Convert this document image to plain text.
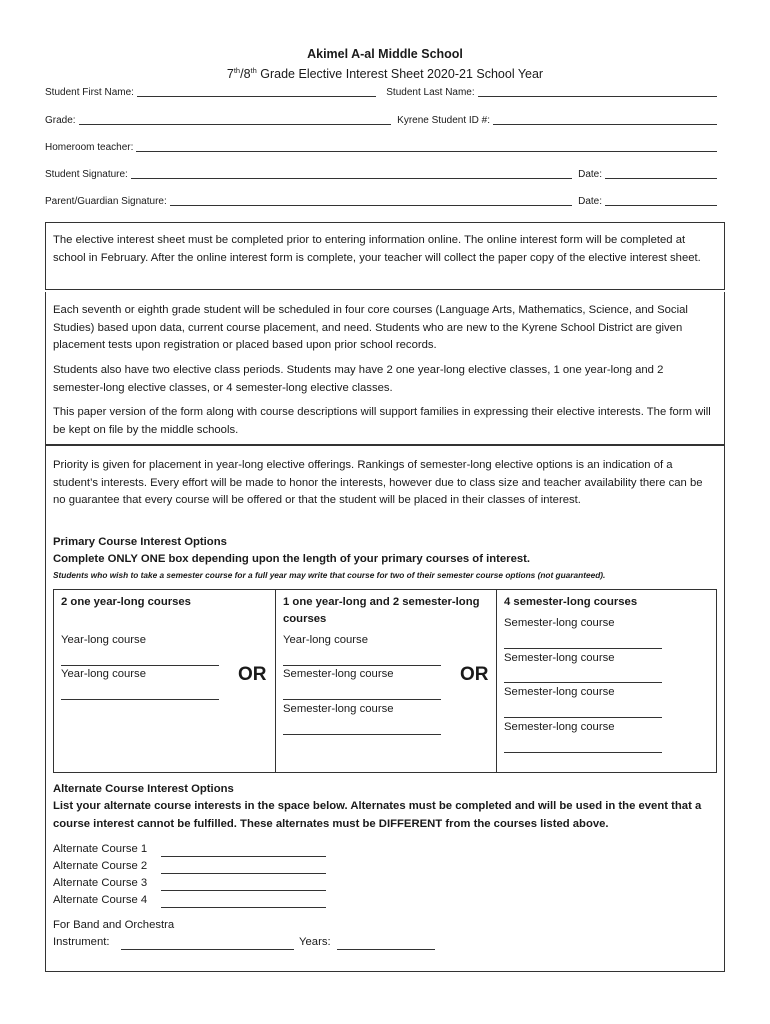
Akimel A-al Middle School
7th/8th Grade Elective Interest Sheet 2020-21 School Year
Student First Name:	Student Last Name:
Grade:	Kyrene Student ID #:
Homeroom teacher:
Student Signature:	Date:
Parent/Guardian Signature:	Date:
The elective interest sheet must be completed prior to entering information online. The online interest form will be completed at school in February. After the online interest form is complete, your teacher will collect the paper copy of the elective interest sheet.
Each seventh or eighth grade student will be scheduled in four core courses (Language Arts, Mathematics, Science, and Social Studies) based upon data, current course placement, and need. Students who are new to the Kyrene School District are given placement tests upon registration or placed based upon prior school records.
Students also have two elective class periods. Students may have 2 one year-long elective classes, 1 one year-long and 2 semester-long elective classes, or 4 semester-long elective classes.
This paper version of the form along with course descriptions will support families in expressing their elective interests. The form will be kept on file by the middle schools.
Priority is given for placement in year-long elective offerings. Rankings of semester-long elective options is an indication of a student’s interests. Every effort will be made to honor the interests, however due to class size and teacher availability there can be no guarantee that every course will be offered or that the student will be placed in their classes of interest.
Primary Course Interest Options
Complete ONLY ONE box depending upon the length of your primary courses of interest.
Students who wish to take a semester course for a full year may write that course for two of their semester course options (not guaranteed).
2 one year-long courses
Year-long course
Year-long course
1 one year-long and 2 semester-long courses
Year-long course
Semester-long course
Semester-long course
4 semester-long courses
Semester-long course
Semester-long course
Semester-long course
Semester-long course
OR	OR
Alternate Course Interest Options
List your alternate course interests in the space below. Alternates must be completed and will be used in the event that a course interest cannot be fulfilled. These alternates must be DIFFERENT from the courses listed above.
Alternate Course 1
Alternate Course 2
Alternate Course 3
Alternate Course 4
For Band and Orchestra
Instrument:	Years:
